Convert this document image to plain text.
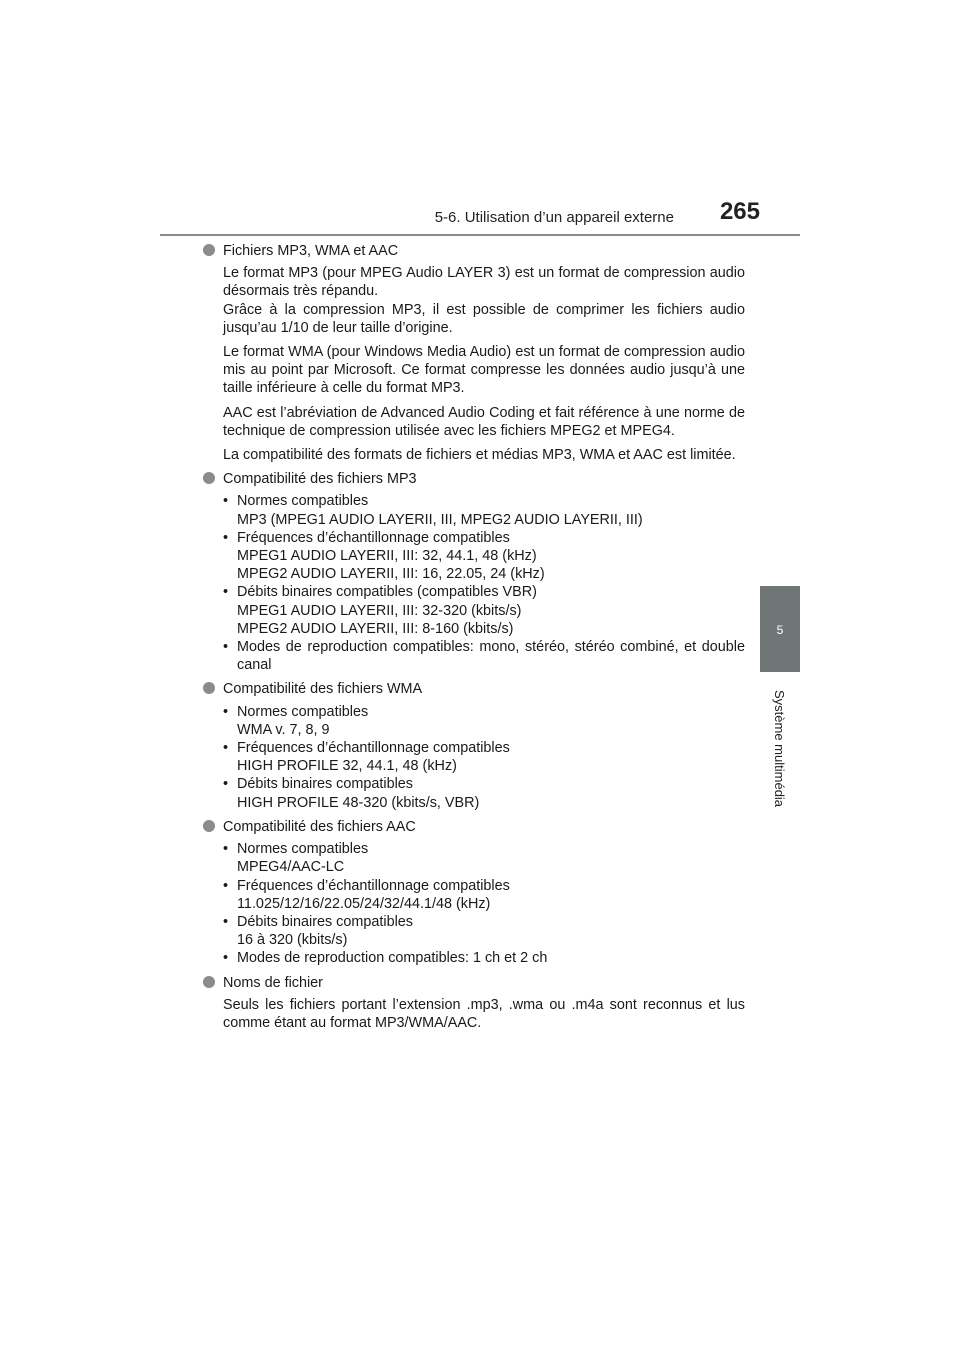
5-6. Utilisation d’un appareil externe 265
5
Système multimédia
Fichiers MP3, WMA et AAC

Le format MP3 (pour MPEG Audio LAYER 3) est un format de compression audio désormais très répandu.
Grâce à la compression MP3, il est possible de comprimer les fichiers audio jusqu’au 1/10 de leur taille d’origine.

Le format WMA (pour Windows Media Audio) est un format de compression audio mis au point par Microsoft. Ce format compresse les données audio jusqu’à une taille inférieure à celle du format MP3.

AAC est l’abréviation de Advanced Audio Coding et fait référence à une norme de technique de compression utilisée avec les fichiers MPEG2 et MPEG4.

La compatibilité des formats de fichiers et médias MP3, WMA et AAC est limitée.

Compatibilité des fichiers MP3
• Normes compatibles
MP3 (MPEG1 AUDIO LAYERII, III, MPEG2 AUDIO LAYERII, III)
• Fréquences d’échantillonnage compatibles
MPEG1 AUDIO LAYERII, III: 32, 44.1, 48 (kHz)
MPEG2 AUDIO LAYERII, III: 16, 22.05, 24 (kHz)
• Débits binaires compatibles (compatibles VBR)
MPEG1 AUDIO LAYERII, III: 32-320 (kbits/s)
MPEG2 AUDIO LAYERII, III: 8-160 (kbits/s)
• Modes de reproduction compatibles: mono, stéréo, stéréo combiné, et double canal
Compatibilité des fichiers WMA
• Normes compatibles
WMA v. 7, 8, 9
• Fréquences d’échantillonnage compatibles
HIGH PROFILE 32, 44.1, 48 (kHz)
• Débits binaires compatibles
HIGH PROFILE 48-320 (kbits/s, VBR)
Compatibilité des fichiers AAC
• Normes compatibles
MPEG4/AAC-LC
• Fréquences d’échantillonnage compatibles
11.025/12/16/22.05/24/32/44.1/48 (kHz)
• Débits binaires compatibles
16 à 320 (kbits/s)
• Modes de reproduction compatibles: 1 ch et 2 ch
Noms de fichier

Seuls les fichiers portant l’extension .mp3, .wma ou .m4a sont reconnus et lus comme étant au format MP3/WMA/AAC.
